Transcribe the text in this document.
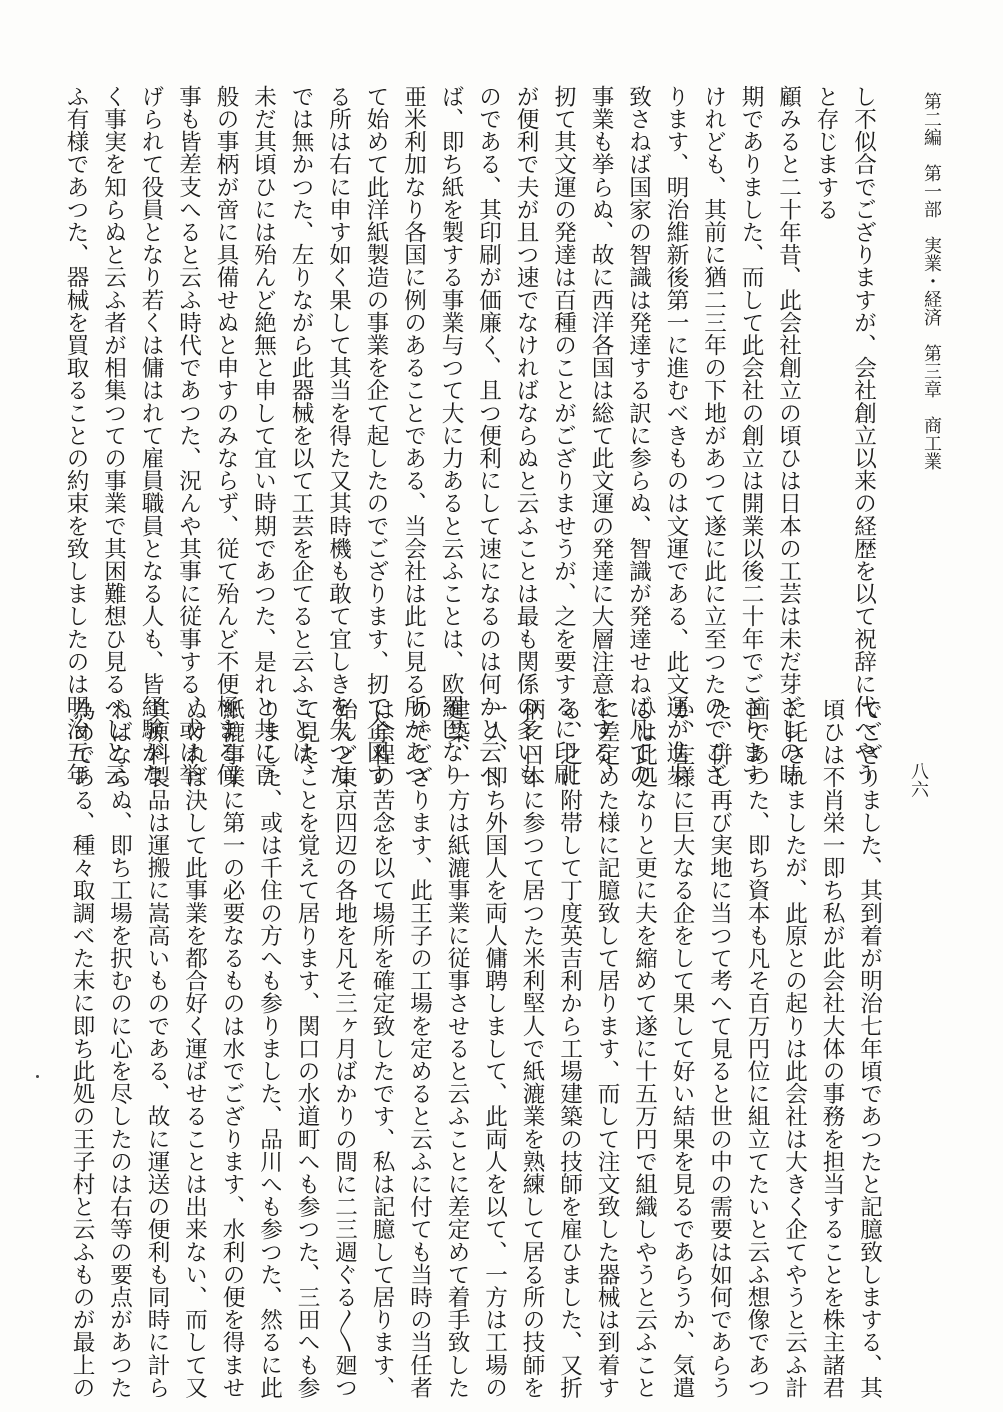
第二編　第一部　実業・経済　第三章　商工業
八六
し不似合でござりますが、会社創立以来の経歴を以て祝辞に代へやう
と存じまする
顧みると二十年昔、此会社創立の頃ひは日本の工芸は未だ芽ざしの時
期でありました、而して此会社の創立は開業以後二十年でござります
けれども、其前に猶二三年の下地があつて遂に此に立至つたのでござ
ります、明治維新後第一に進むべきものは文運である、此文運が進歩
致さねば国家の智識は発達する訳に参らぬ、智識が発達せねば凡ての
事業も挙らぬ、故に西洋各国は総て此文運の発達に大層注意をする、
扨て其文運の発達は百種のことがござりませうが、之を要するに印刷
が便利で夫が且つ速でなければならぬと云ふことは最も関係の多いも
のである、其印刷が価廉く、且つ便利にして速になるのは何かと云へ
ば、即ち紙を製する事業与つて大に力あると云ふことは、欧羅巴なり
亜米利加なり各国に例のあることである、当会社は此に見る所があつ
て始めて此洋紙製造の事業を企て起したのでござります、扨て企図す
る所は右に申す如く果して其当を得た又其時機も敢て宜しきを失つた
では無かつた、左りながら此器械を以て工芸を企てると云ふことは、
未だ其頃ひには殆んど絶無と申して宜い時期であつた、是れと共に百
般の事柄が啻に具備せぬと申すのみならず、従て殆んど不便極まる何
事も皆差支へると云ふ時代であつた、況んや其事に従事する、或は挙
げられて役員となり若くは傭はれて雇員職員となる人も、皆経験がな
く事実を知らぬと云ふ者が相集つての事業で其困難想ひ見るべしと云
ふ有様であつた、器械を買取ることの約束を致しましたのは明治五年
でござりました、其到着が明治七年頃であつたと記臆致しまする、其
頃ひは不肖栄一即ち私が此会社大体の事務を担当することを株主諸君
に托されましたが、此原との起りは此会社は大きく企てやうと云ふ計
画であつた、即ち資本も凡そ百万円位に組立てたいと云ふ想像であつ
た、併し再び実地に当つて考へて見ると世の中の需要は如何であらう
か、左様に巨大なる企をして果して好い結果を見るであらうか、気遣
ひは此処なりと更に夫を縮めて遂に十五万円で組織しやうと云ふこと
に差定めた様に記臆致して居ります、而して注文致した器械は到着す
る、之に附帯して丁度英吉利から工場建築の技師を雇ひました、又折
柄に日本に参つて居つた米利堅人で紙漉業を熟練して居る所の技師を
一人、即ち外国人を両人傭聘しまして、此両人を以て、一方は工場の
建築、一方は紙漉事業に従事させると云ふことに差定めて着手致した
のでござります、此王子の工場を定めると云ふに付ても当時の当任者
は余程の苦念を以て場所を確定致したです、私は記臆して居ります、
殆んど東京四辺の各地を凡そ三ヶ月ばかりの間に二三週ぐる〳〵廻つ
て見たことを覚えて居ります、関口の水道町へも参つた、三田へも参
りました、或は千住の方へも参りました、品川へも参つた、然るに此
紙漉事業に第一の必要なるものは水でござります、水利の便を得ませ
ぬければ決して此事業を都合好く運ばせることは出来ない、而して又
其原料製品は運搬に嵩高いものである、故に運送の便利も同時に計ら
ねばならぬ、即ち工場を択むのに心を尽したのは右等の要点があつた
為めである、種々取調べた末に即ち此処の王子村と云ふものが最上の
